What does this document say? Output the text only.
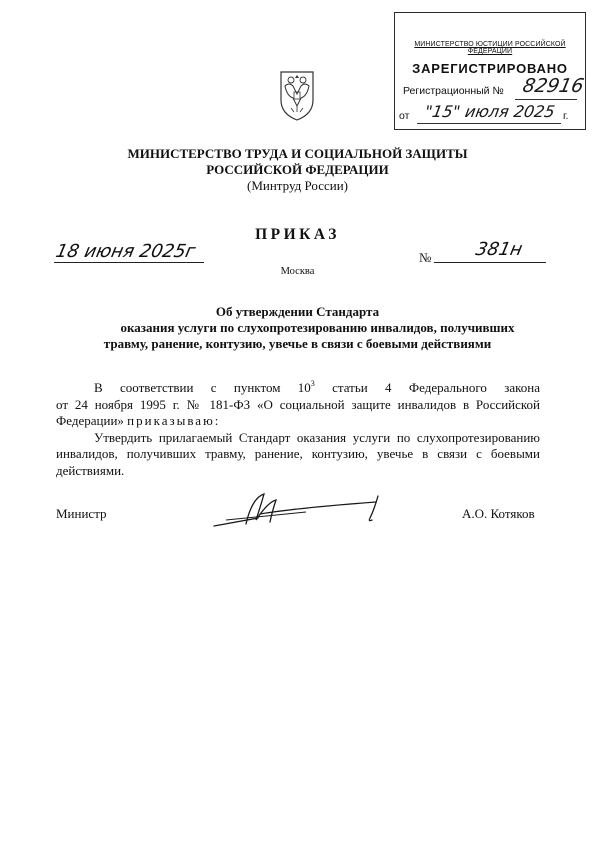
МИНИСТЕРСТВО ЮСТИЦИИ РОССИЙСКОЙ ФЕДЕРАЦИИ
ЗАРЕГИСТРИРОВАНО
Регистрационный № 82916
от "15" июля 2025 г.
МИНИСТЕРСТВО ТРУДА И СОЦИАЛЬНОЙ ЗАЩИТЫ
РОССИЙСКОЙ ФЕДЕРАЦИИ
(Минтруд России)
ПРИКАЗ
18 июня 2025г	№ 381н
Москва
Об утверждении Стандарта
оказания услуги по слухопротезированию инвалидов, получивших
травму, ранение, контузию, увечье в связи с боевыми действиями
В соответствии с пунктом $10^3$ статьи 4 Федерального закона
от 24 ноября 1995 г. № 181-ФЗ «О социальной защите инвалидов в Российской
Федерации» приказываю:
Утвердить прилагаемый Стандарт оказания услуги по слухопротезированию
инвалидов, получивших травму, ранение, контузию, увечье в связи с боевыми
действиями.
Министр	А.О. Котяков
